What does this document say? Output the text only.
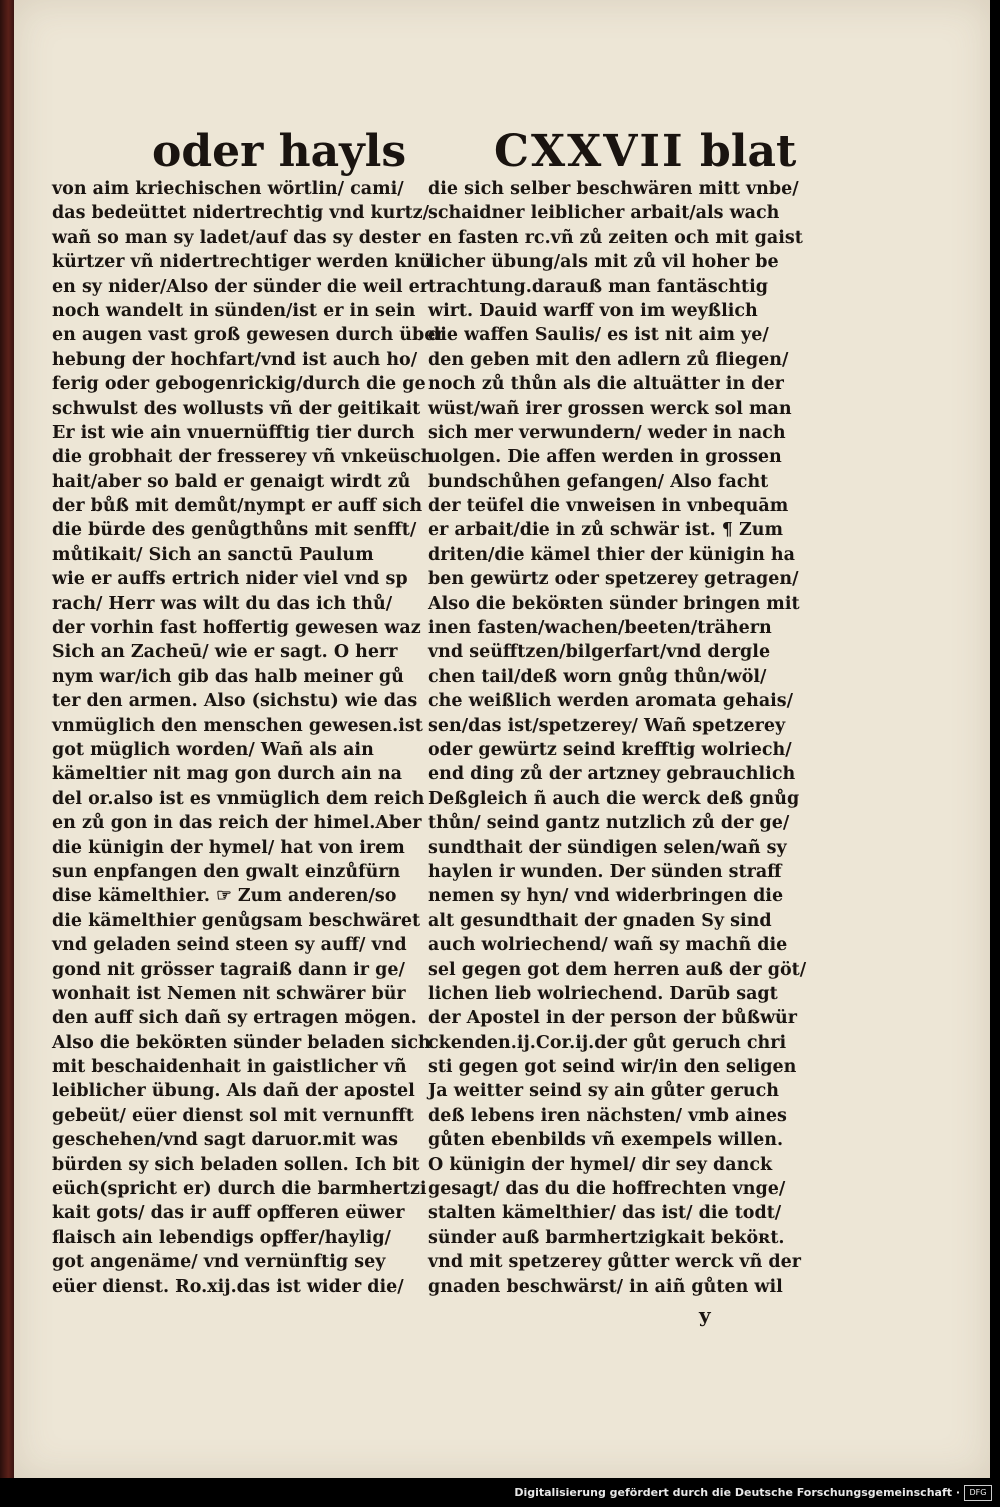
oder hayls CXXVII blat
von aim kriechischen wörtlin/ cami/
das bedeüttet nidertrechtig vnd kurtz/
wañ so man sy ladet/auf das sy dester
kürtzer vñ nidertrechtiger werden knü
en sy nider/Also der sünder die weil er
noch wandelt in sünden/ist er in sein
en augen vast groß gewesen durch über
hebung der hochfart/vnd ist auch ho/
ferig oder gebogenrickig/durch die ge
schwulst des wollusts vñ der geitikait
Er ist wie ain vnuernüfftig tier durch
die grobhait der fresserey vñ vnkeüsch
hait/aber so bald er genaigt wirdt zů
der bůß mit demůt/nympt er auff sich
die bürde des genůgthůns mit senfft/
můtikait/ Sich an sanctū Paulum
wie er auffs ertrich nider viel vnd sp
rach/ Herr was wilt du das ich thů/
der vorhin fast hoffertig gewesen waz
Sich an Zacheū/ wie er sagt. O herr
nym war/ich gib das halb meiner gů
ter den armen. Also (sichstu) wie das
vnmüglich den menschen gewesen.ist
got müglich worden/ Wañ als ain
kämeltier nit mag gon durch ain na
del or.also ist es vnmüglich dem reich
en zů gon in das reich der himel.Aber
die künigin der hymel/ hat von irem
sun enpfangen den gwalt einzůfürn
dise kämelthier. ☞ Zum anderen/so
die kämelthier genůgsam beschwäret
vnd geladen seind steen sy auff/ vnd
gond nit grösser tagraiß dann ir ge/
wonhait ist Nemen nit schwärer bür
den auff sich dañ sy ertragen mögen.
Also die beköʀten sünder beladen sich
mit beschaidenhait in gaistlicher vñ
leiblicher übung. Als dañ der apostel
gebeüt/ eüer dienst sol mit vernunfft
geschehen/vnd sagt daruor.mit was
bürden sy sich beladen sollen. Ich bit
eüch(spricht er) durch die barmhertzi
kait gots/ das ir auff opfferen eüwer
flaisch ain lebendigs opffer/haylig/
got angenäme/ vnd vernünftig sey
eüer dienst. Ro.xij.das ist wider die/
die sich selber beschwären mitt vnbe/
schaidner leiblicher arbait/als wach
en fasten rc.vñ zů zeiten och mit gaist
licher übung/als mit zů vil hoher be
trachtung.darauß man fantäschtig
wirt. Dauid warff von im weyßlich
die waffen Saulis/ es ist nit aim ye/
den geben mit den adlern zů fliegen/
noch zů thůn als die altuätter in der
wüst/wañ irer grossen werck sol man
sich mer verwundern/ weder in nach
uolgen. Die affen werden in grossen
bundschůhen gefangen/ Also facht
der teüfel die vnweisen in vnbequām
er arbait/die in zů schwär ist. ¶ Zum
driten/die kämel thier der künigin ha
ben gewürtz oder spetzerey getragen/
Also die beköʀten sünder bringen mit
inen fasten/wachen/beeten/trähern
vnd seüfftzen/bilgerfart/vnd dergle
chen tail/deß worn gnůg thůn/wöl/
che weißlich werden aromata gehais/
sen/das ist/spetzerey/ Wañ spetzerey
oder gewürtz seind krefftig wolriech/
end ding zů der artzney gebrauchlich
Deßgleich ñ auch die werck deß gnůg
thůn/ seind gantz nutzlich zů der ge/
sundthait der sündigen selen/wañ sy
haylen ir wunden. Der sünden straff
nemen sy hyn/ vnd widerbringen die
alt gesundthait der gnaden Sy sind
auch wolriechend/ wañ sy machñ die
sel gegen got dem herren auß der göt/
lichen lieb wolriechend. Darūb sagt
der Apostel in der person der bůßwür
ckenden.ij.Cor.ij.der gůt geruch chri
sti gegen got seind wir/in den seligen
Ja weitter seind sy ain gůter geruch
deß lebens iren nächsten/ vmb aines
gůten ebenbilds vñ exempels willen.
O künigin der hymel/ dir sey danck
gesagt/ das du die hoffrechten vnge/
stalten kämelthier/ das ist/ die todt/
sünder auß barmhertzigkait beköʀt.
vnd mit spetzerey gůtter werck vñ der
gnaden beschwärst/ in aiñ gůten wil
y
Digitalisierung gefördert durch die Deutsche Forschungsgemeinschaft ·	DFG
